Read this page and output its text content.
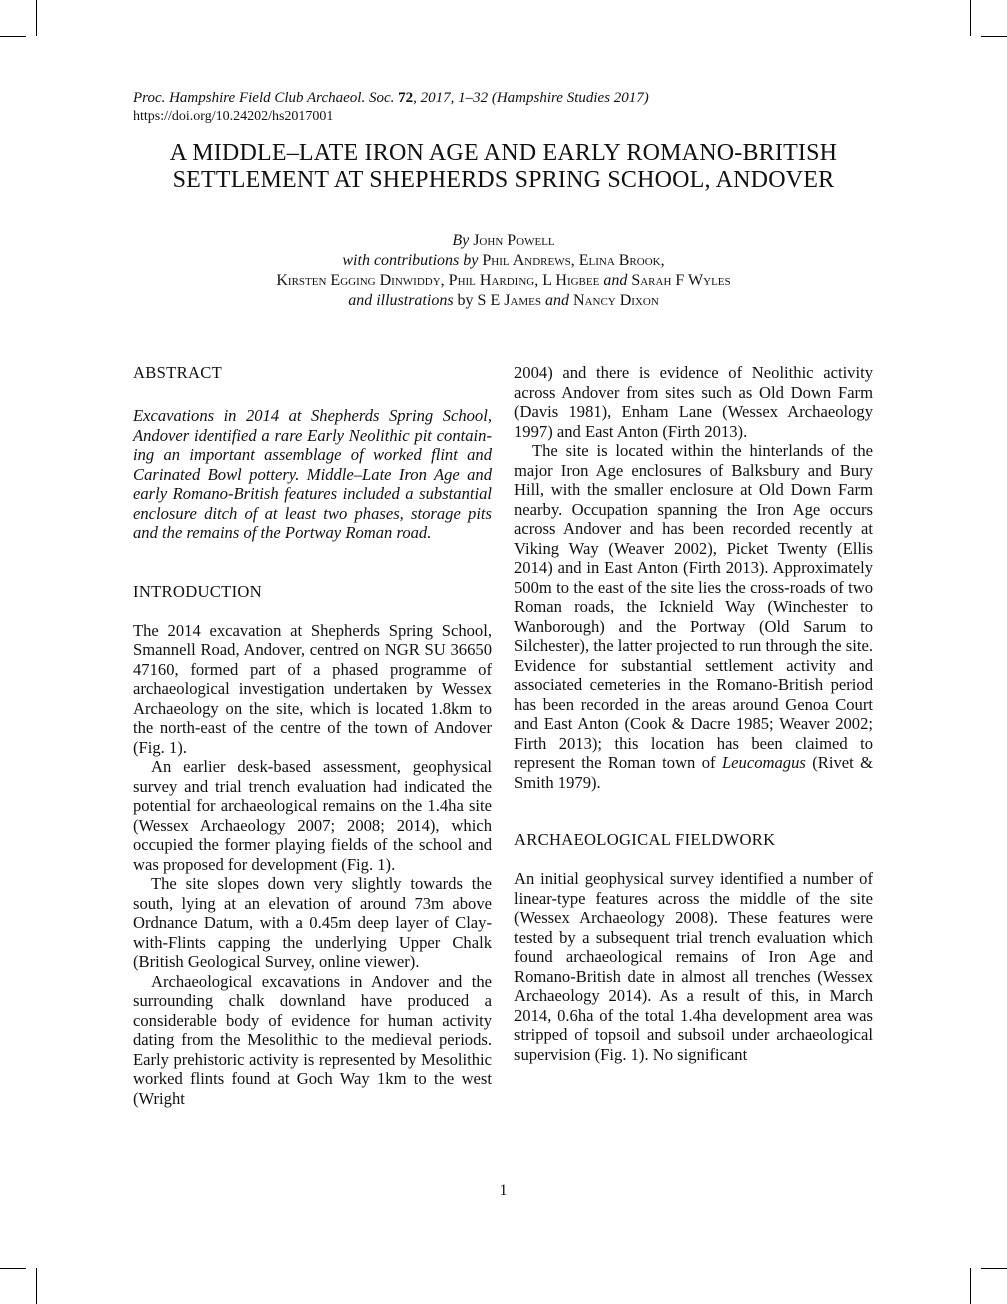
Proc. Hampshire Field Club Archaeol. Soc. 72, 2017, 1–32 (Hampshire Studies 2017)
https://doi.org/10.24202/hs2017001
A MIDDLE–LATE IRON AGE AND EARLY ROMANO-BRITISH
SETTLEMENT AT SHEPHERDS SPRING SCHOOL, ANDOVER
By John Powell
with contributions by Phil Andrews, Elina Brook,
Kirsten Egging Dinwiddy, Phil Harding, L Higbee and Sarah F Wyles
and illustrations by S E James and Nancy Dixon
ABSTRACT

Excavations in 2014 at Shepherds Spring School, Andover identified a rare Early Neolithic pit containing an important assemblage of worked flint and Carinated Bowl pottery. Middle–Late Iron Age and early Romano-British features included a substantial enclosure ditch of at least two phases, storage pits and the remains of the Portway Roman road.

INTRODUCTION

The 2014 excavation at Shepherds Spring School, Smannell Road, Andover, centred on NGR SU 36650 47160, formed part of a phased programme of archaeological investigation undertaken by Wessex Archaeology on the site, which is located 1.8km to the north-east of the centre of the town of Andover (Fig. 1).

An earlier desk-based assessment, geophysical survey and trial trench evaluation had indicated the potential for archaeological remains on the 1.4ha site (Wessex Archaeology 2007; 2008; 2014), which occupied the former playing fields of the school and was proposed for development (Fig. 1).

The site slopes down very slightly towards the south, lying at an elevation of around 73m above Ordnance Datum, with a 0.45m deep layer of Clay-with-Flints capping the underlying Upper Chalk (British Geological Survey, online viewer).

Archaeological excavations in Andover and the surrounding chalk downland have produced a considerable body of evidence for human activity dating from the Mesolithic to the medieval periods. Early prehistoric activity is represented by Mesolithic worked flints found at Goch Way 1km to the west (Wright

2004) and there is evidence of Neolithic activity across Andover from sites such as Old Down Farm (Davis 1981), Enham Lane (Wessex Archaeology 1997) and East Anton (Firth 2013).

The site is located within the hinterlands of the major Iron Age enclosures of Balksbury and Bury Hill, with the smaller enclosure at Old Down Farm nearby. Occupation spanning the Iron Age occurs across Andover and has been recorded recently at Viking Way (Weaver 2002), Picket Twenty (Ellis 2014) and in East Anton (Firth 2013). Approximately 500m to the east of the site lies the cross-roads of two Roman roads, the Icknield Way (Winchester to Wanborough) and the Portway (Old Sarum to Silchester), the latter projected to run through the site. Evidence for substantial settlement activity and associated cemeteries in the Romano-British period has been recorded in the areas around Genoa Court and East Anton (Cook & Dacre 1985; Weaver 2002; Firth 2013); this location has been claimed to represent the Roman town of Leucomagus (Rivet & Smith 1979).

ARCHAEOLOGICAL FIELDWORK

An initial geophysical survey identified a number of linear-type features across the middle of the site (Wessex Archaeology 2008). These features were tested by a subsequent trial trench evaluation which found archaeological remains of Iron Age and Romano-British date in almost all trenches (Wessex Archaeology 2014). As a result of this, in March 2014, 0.6ha of the total 1.4ha development area was stripped of topsoil and subsoil under archaeological supervision (Fig. 1). No significant

1
